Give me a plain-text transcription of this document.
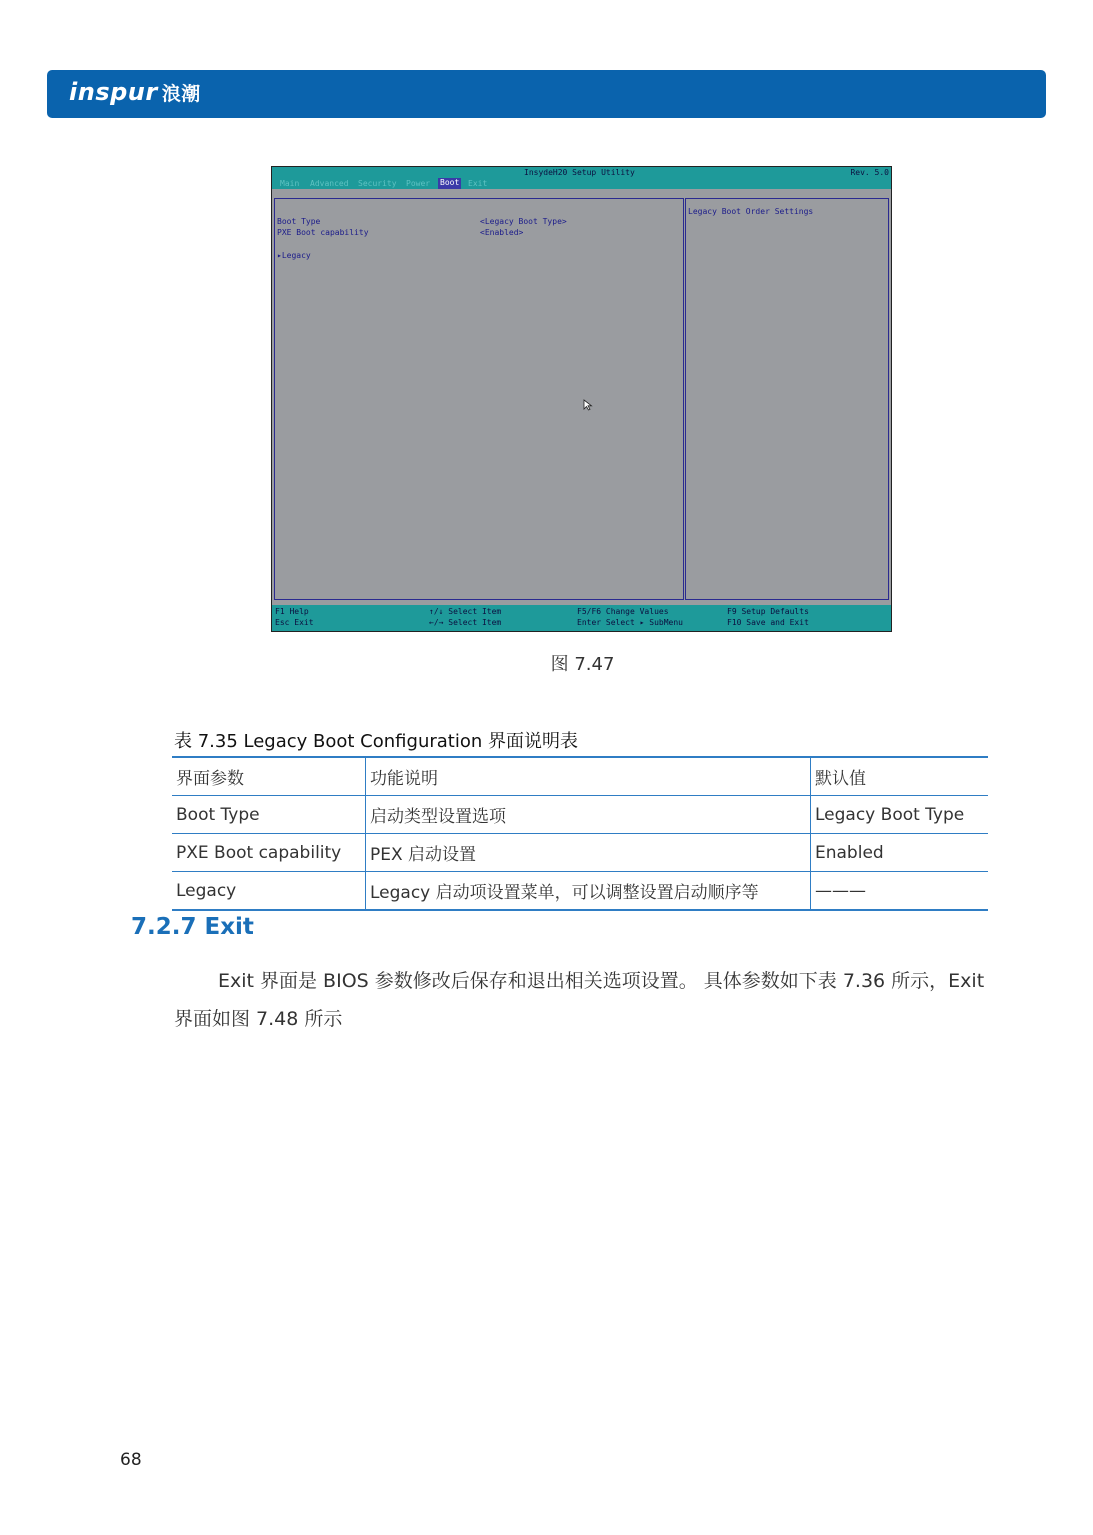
inspur 浪潮
InsydeH20 Setup Utility	Rev. 5.0
Main Advanced Security Power Boot Exit
Boot Type	<Legacy Boot Type>
PXE Boot capability	<Enabled>
▸Legacy
Legacy Boot Order Settings
F1 Help
Esc Exit
↑/↓ Select Item
←/→ Select Item
F5/F6 Change Values
Enter Select ▸ SubMenu
F9 Setup Defaults
F10 Save and Exit
图 7.47
表 7.35 Legacy Boot Configuration 界面说明表
界面参数	功能说明	默认值
Boot Type	启动类型设置选项	Legacy Boot Type
PXE Boot capability	PEX 启动设置	Enabled
Legacy	Legacy 启动项设置菜单，可以调整设置启动顺序等	———
7.2.7 Exit
Exit 界面是 BIOS 参数修改后保存和退出相关选项设置。 具体参数如下表 7.36 所示，Exit 界面如图 7.48 所示
68
